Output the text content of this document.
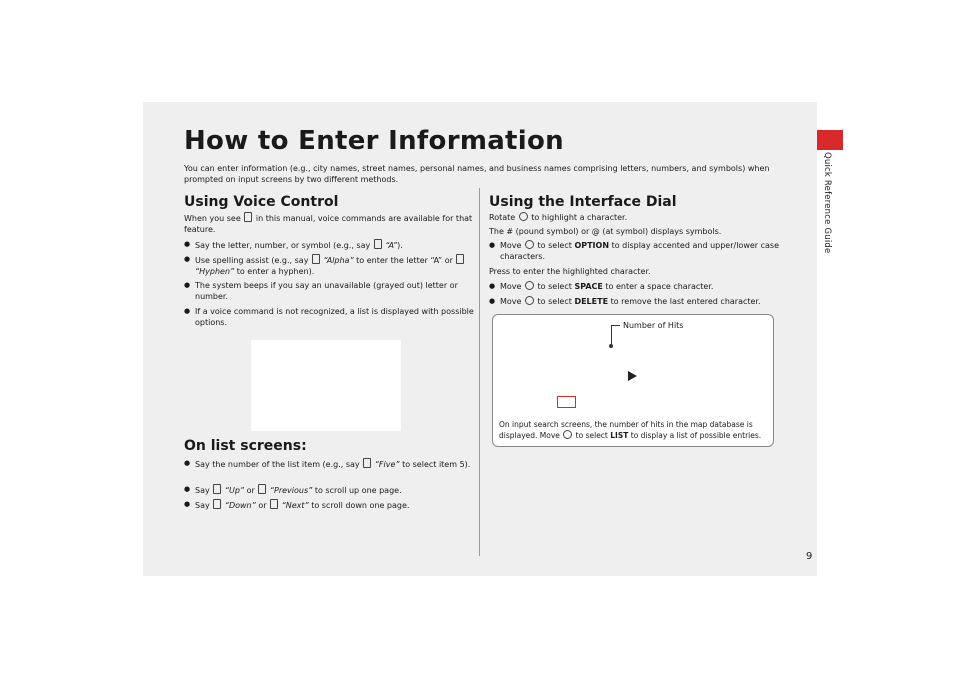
Quick Reference Guide
9
How to Enter Information

You can enter information (e.g., city names, street names, personal names, and business names comprising letters, numbers, and symbols) when prompted on input screens by two different methods.

Using Voice Control

When you see in this manual, voice commands are available for that feature.

● Say the letter, number, or symbol (e.g., say “A”).

● Use spelling assist (e.g., say “Alpha” to enter the letter “A” or  “Hyphen” to enter a hyphen).

● The system beeps if you say an unavailable (grayed out) letter or number.

● If a voice command is not recognized, a list is displayed with possible options.

On list screens:

● Say the number of the list item (e.g., say “Five” to select item 5).

● Say “Up” or “Previous” to scroll up one page.

● Say “Down” or “Next” to scroll down one page.

Using the Interface Dial

Rotate to highlight a character.

The # (pound symbol) or @ (at symbol) displays symbols.

● Move to select OPTION to display accented and upper/lower case characters.

Press to enter the highlighted character.

● Move to select SPACE to enter a space character.

● Move to select DELETE to remove the last entered character.

Number of Hits

On input search screens, the number of hits in the map database is displayed. Move to select LIST to display a list of possible entries.
